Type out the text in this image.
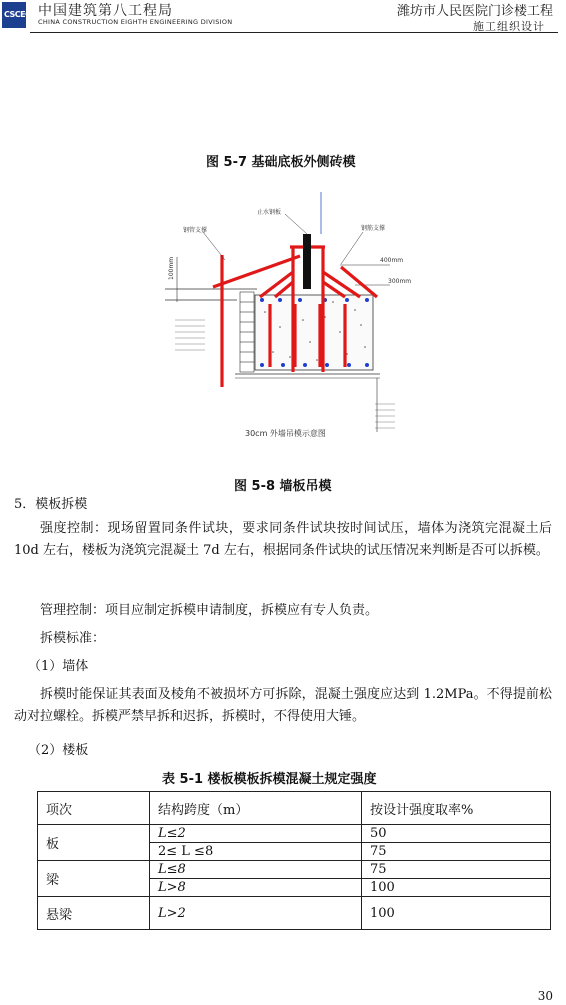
CSCEC 中国建筑第八工程局
CHINA CONSTRUCTION EIGHTH ENGINEERING DIVISION
潍坊市人民医院门诊楼工程
施工组织设计
图 5-7 基础底板外侧砖模
100mm	400mm
300mm
止水钢板
钢管支撑	钢筋支撑
30cm 外墙吊模示意图
图 5-8 墙板吊模
5．模板拆模
强度控制：现场留置同条件试块，要求同条件试块按时间试压，墙体为浇筑完混凝土后 10d 左右，楼板为浇筑完混凝土 7d 左右，根据同条件试块的试压情况来判断是否可以拆模。
管理控制：项目应制定拆模申请制度，拆模应有专人负责。
拆模标准：
（1）墙体
拆模时能保证其表面及棱角不被损坏方可拆除，混凝土强度应达到 1.2MPa。不得提前松动对拉螺栓。拆模严禁早拆和迟拆，拆模时，不得使用大锤。
（2）楼板
表 5-1 楼板模板拆模混凝土规定强度
项次	结构跨度（m）	按设计强度取率%
板	L≤2	50
	2≤ L ≤8	75
梁	L≤8	75
	L>8	100
悬梁	L>2	100
30
